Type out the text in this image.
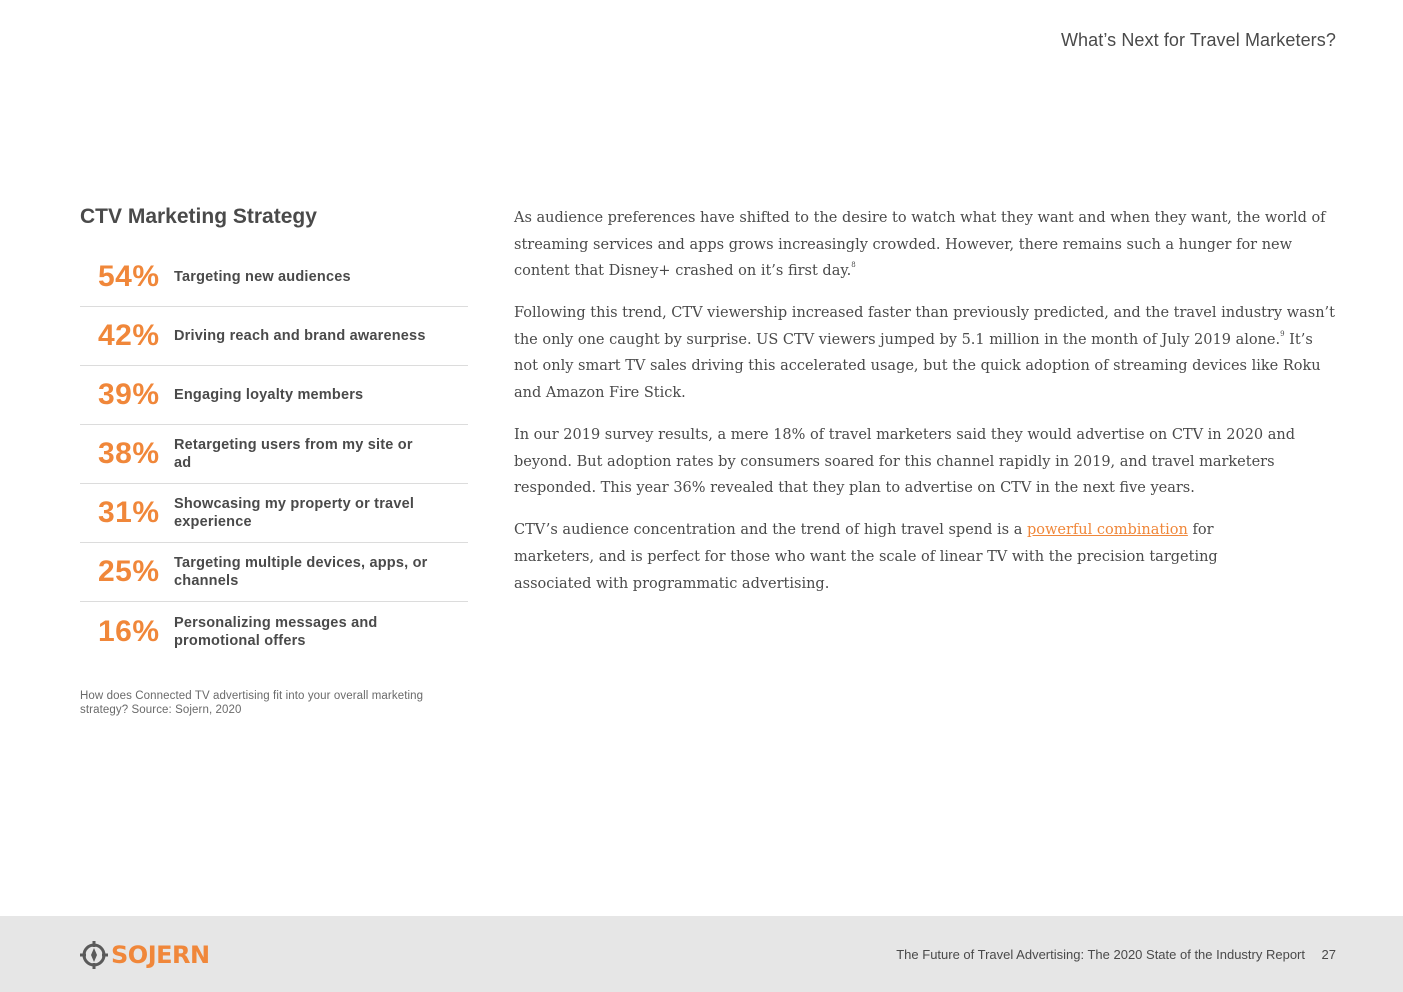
What’s Next for Travel Marketers?
CTV Marketing Strategy
54% Targeting new audiences
42% Driving reach and brand awareness
39% Engaging loyalty members
38% Retargeting users from my site or ad
31% Showcasing my property or travel experience
25% Targeting multiple devices, apps, or channels
16% Personalizing messages and promotional offers
How does Connected TV advertising fit into your overall marketing strategy? Source: Sojern, 2020

As audience preferences have shifted to the desire to watch what they want and when they want, the world of streaming services and apps grows increasingly crowded. However, there remains such a hunger for new content that Disney+ crashed on it’s first day.$^8$

Following this trend, CTV viewership increased faster than previously predicted, and the travel industry wasn’t the only one caught by surprise. US CTV viewers jumped by 5.1 million in the month of July 2019 alone.$^9$ It’s not only smart TV sales driving this accelerated usage, but the quick adoption of streaming devices like Roku and Amazon Fire Stick.

In our 2019 survey results, a mere 18% of travel marketers said they would advertise on CTV in 2020 and beyond. But adoption rates by consumers soared for this channel rapidly in 2019, and travel marketers responded. This year 36% revealed that they plan to advertise on CTV in the next five years.

CTV’s audience concentration and the trend of high travel spend is a powerful combination for marketers, and is perfect for those who want the scale of linear TV with the precision targeting associated with programmatic advertising.

SOJERN	The Future of Travel Advertising: The 2020 State of the Industry Report 27
